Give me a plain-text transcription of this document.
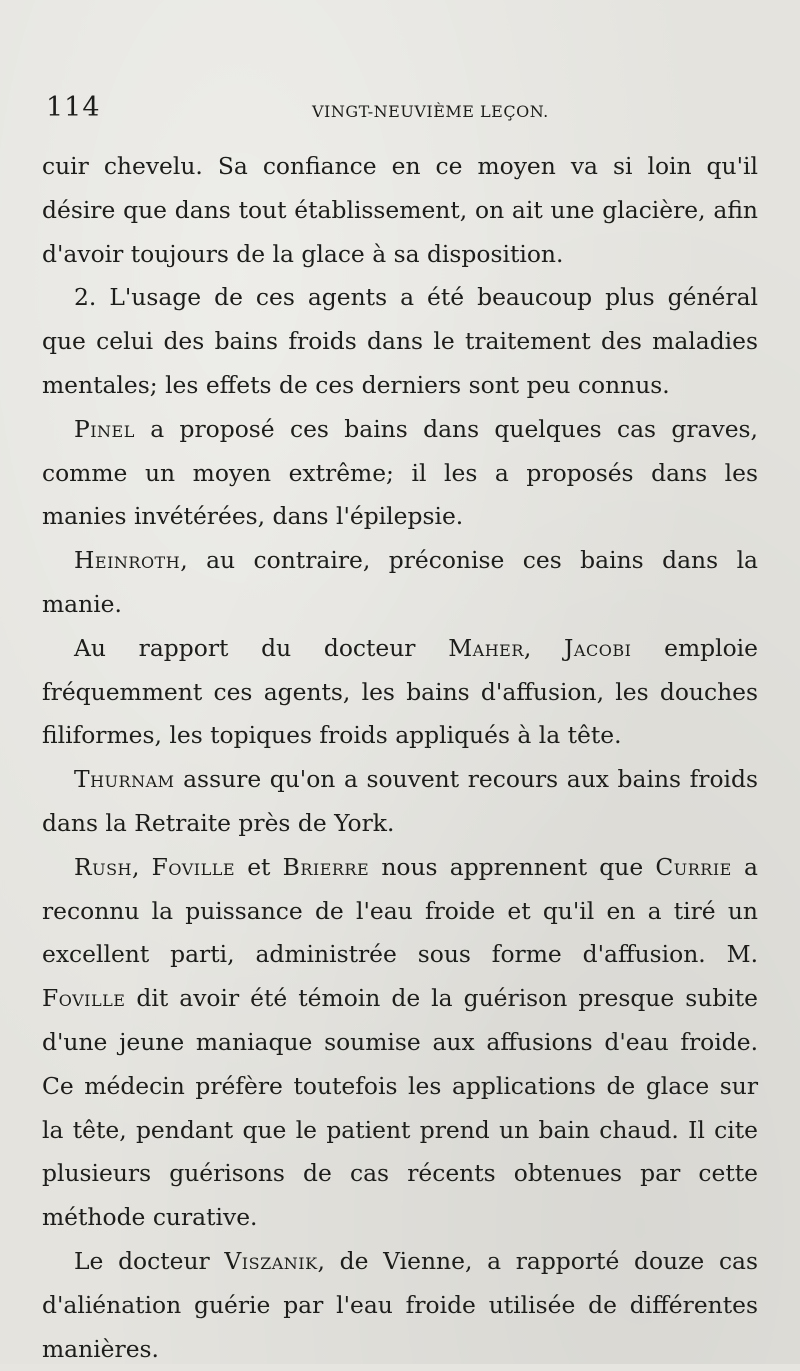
114	VINGT-NEUVIÈME LEÇON.

cuir chevelu. Sa confiance en ce moyen va si loin qu'il désire que dans tout établissement, on ait une glacière, afin d'avoir toujours de la glace à sa disposition.

2. L'usage de ces agents a été beaucoup plus général que celui des bains froids dans le traitement des maladies mentales; les effets de ces derniers sont peu connus.

Pinel a proposé ces bains dans quelques cas graves, comme un moyen extrême; il les a proposés dans les manies invétérées, dans l'épilepsie.

Heinroth, au contraire, préconise ces bains dans la manie.

Au rapport du docteur Maher, Jacobi emploie fréquemment ces agents, les bains d'affusion, les douches filiformes, les topiques froids appliqués à la tête.

Thurnam assure qu'on a souvent recours aux bains froids dans la Retraite près de York.

Rush, Foville et Brierre nous apprennent que Currie a reconnu la puissance de l'eau froide et qu'il en a tiré un excellent parti, administrée sous forme d'affusion. M. Foville dit avoir été témoin de la guérison presque subite d'une jeune maniaque soumise aux affusions d'eau froide. Ce médecin préfère toutefois les applications de glace sur la tête, pendant que le patient prend un bain chaud. Il cite plusieurs guérisons de cas récents obtenues par cette méthode curative.

Le docteur Viszanik, de Vienne, a rapporté douze cas d'aliénation guérie par l'eau froide utilisée de différentes manières.
